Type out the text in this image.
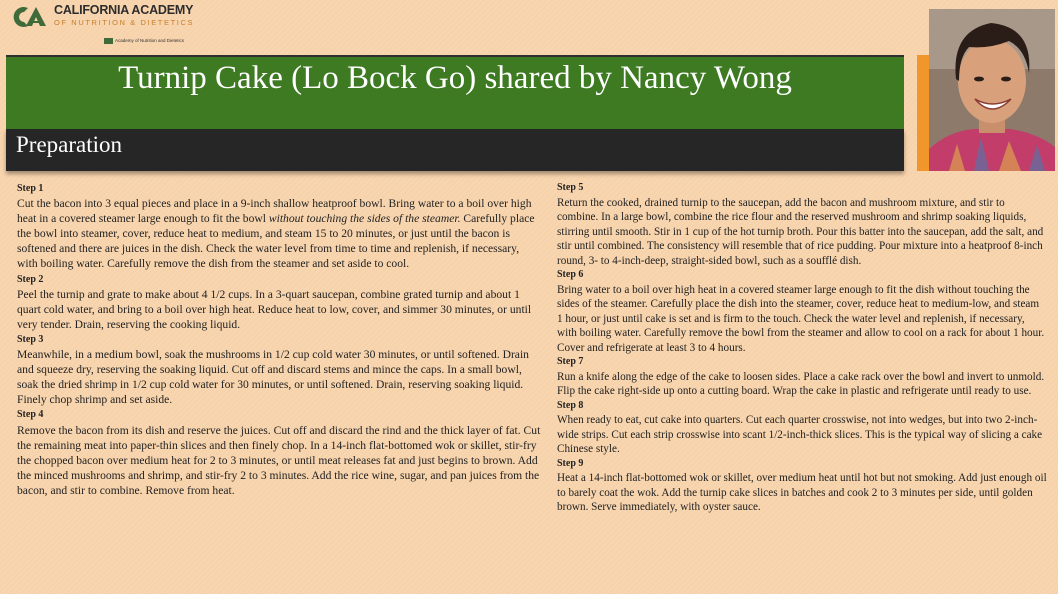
CALIFORNIA ACADEMY
OF NUTRITION & DIETETICS
Academy of Nutrition and Dietetics
Turnip Cake (Lo Bock Go) shared by Nancy Wong
Preparation
Step 1

Cut the bacon into 3 equal pieces and place in a 9-inch shallow heatproof bowl. Bring water to a boil over high heat in a covered steamer large enough to fit the bowl without touching the sides of the steamer. Carefully place the bowl into steamer, cover, reduce heat to medium, and steam 15 to 20 minutes, or just until the bacon is softened and there are juices in the dish. Check the water level from time to time and replenish, if necessary, with boiling water. Carefully remove the dish from the steamer and set aside to cool.

Step 2

Peel the turnip and grate to make about 4 1/2 cups. In a 3-quart saucepan, combine grated turnip and about 1 quart cold water, and bring to a boil over high heat. Reduce heat to low, cover, and simmer 30 minutes, or until very tender. Drain, reserving the cooking liquid.

Step 3

Meanwhile, in a medium bowl, soak the mushrooms in 1/2 cup cold water 30 minutes, or until softened. Drain and squeeze dry, reserving the soaking liquid. Cut off and discard stems and mince the caps. In a small bowl, soak the dried shrimp in 1/2 cup cold water for 30 minutes, or until softened. Drain, reserving soaking liquid. Finely chop shrimp and set aside.

Step 4

Remove the bacon from its dish and reserve the juices. Cut off and discard the rind and the thick layer of fat. Cut the remaining meat into paper-thin slices and then finely chop. In a 14-inch flat-bottomed wok or skillet, stir-fry the chopped bacon over medium heat for 2 to 3 minutes, or until meat releases fat and just begins to brown. Add the minced mushrooms and shrimp, and stir-fry 2 to 3 minutes. Add the rice wine, sugar, and pan juices from the bacon, and stir to combine. Remove from heat.

Step 5

Return the cooked, drained turnip to the saucepan, add the bacon and mushroom mixture, and stir to combine. In a large bowl, combine the rice flour and the reserved mushroom and shrimp soaking liquids, stirring until smooth. Stir in 1 cup of the hot turnip broth. Pour this batter into the saucepan, add the salt, and stir until combined. The consistency will resemble that of rice pudding. Pour mixture into a heatproof 8-inch round, 3- to 4-inch-deep, straight-sided bowl, such as a soufflé dish.

Step 6

Bring water to a boil over high heat in a covered steamer large enough to fit the dish without touching the sides of the steamer. Carefully place the dish into the steamer, cover, reduce heat to medium-low, and steam 1 hour, or just until cake is set and is firm to the touch. Check the water level and replenish, if necessary, with boiling water. Carefully remove the bowl from the steamer and allow to cool on a rack for about 1 hour. Cover and refrigerate at least 3 to 4 hours.

Step 7

Run a knife along the edge of the cake to loosen sides. Place a cake rack over the bowl and invert to unmold. Flip the cake right-side up onto a cutting board. Wrap the cake in plastic and refrigerate until ready to use.

Step 8

When ready to eat, cut cake into quarters. Cut each quarter crosswise, not into wedges, but into two 2-inch-wide strips. Cut each strip crosswise into scant 1/2-inch-thick slices. This is the typical way of slicing a cake Chinese style.

Step 9

Heat a 14-inch flat-bottomed wok or skillet, over medium heat until hot but not smoking. Add just enough oil to barely coat the wok. Add the turnip cake slices in batches and cook 2 to 3 minutes per side, until golden brown. Serve immediately, with oyster sauce.
